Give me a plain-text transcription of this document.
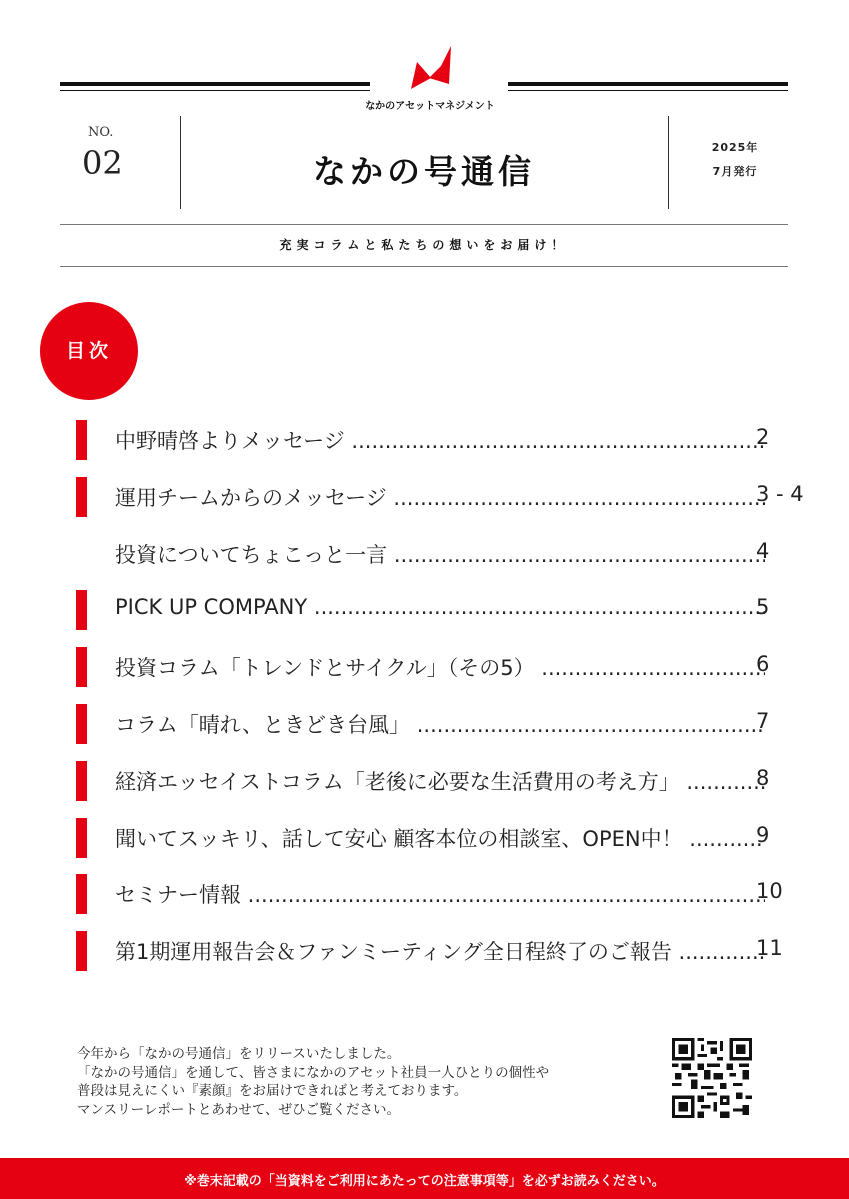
なかのアセットマネジメント
NO.
02	なかの号通信
2025年
7月発行
充実コラムと私たちの想いをお届け！
目次
中野晴啓よりメッセージ .....	2
運用チームからのメッセージ .....	3 - 4
投資についてちょこっと一言 .....	4
PICK UP COMPANY .....	5
投資コラム「トレンドとサイクル」（その5） .....	6
コラム「晴れ、ときどき台風」 .....	7
経済エッセイストコラム「老後に必要な生活費用の考え方」 .....	8
聞いてスッキリ、話して安心 顧客本位の相談室、OPEN中！ .....	9
セミナー情報 .....	10
第1期運用報告会＆ファンミーティング全日程終了のご報告 .....	11
今年から「なかの号通信」をリリースいたしました。
「なかの号通信」を通して、皆さまになかのアセット社員一人ひとりの個性や
普段は見えにくい『素顔』をお届けできればと考えております。
マンスリーレポートとあわせて、ぜひご覧ください。
※巻末記載の「当資料をご利用にあたっての注意事項等」を必ずお読みください。
